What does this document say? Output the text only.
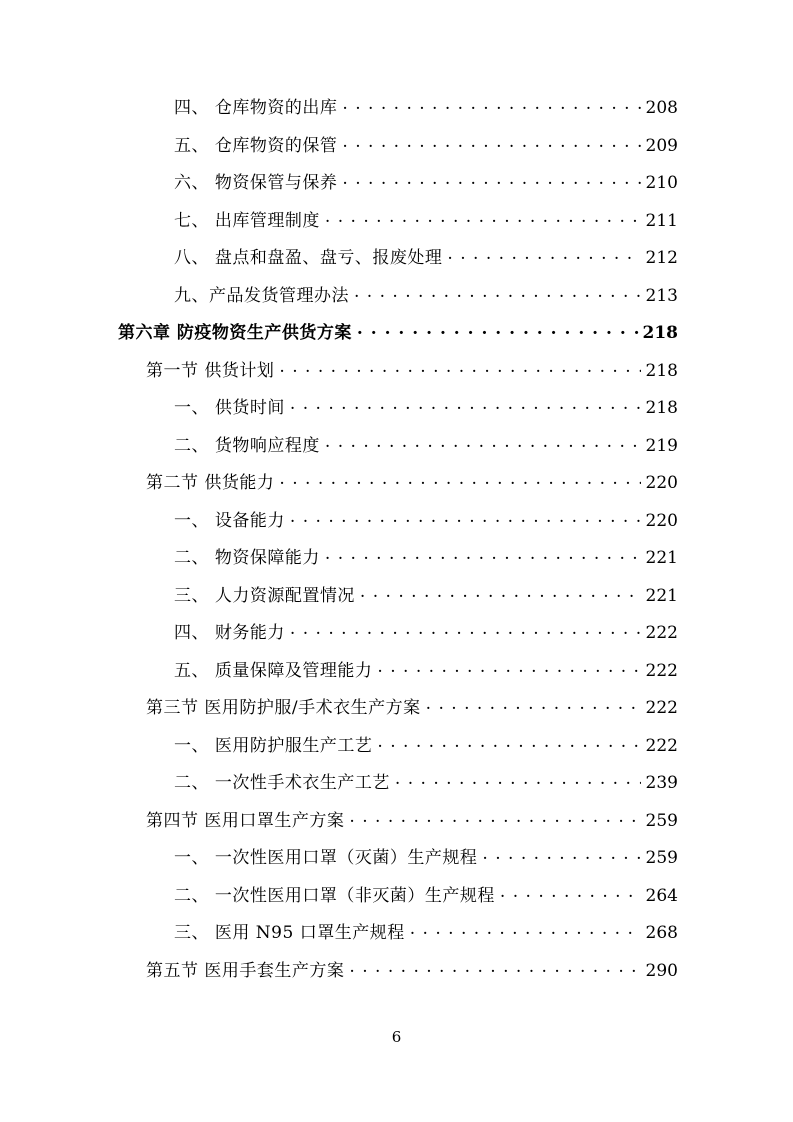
四、 仓库物资的出库 . . .	208
五、 仓库物资的保管 . . .	209
六、 物资保管与保养 . . .	210
七、 出库管理制度 . . .	211
八、 盘点和盘盈、盘亏、报废处理 . . .	212
九、产品发货管理办法 . . .	213
第六章 防疫物资生产供货方案 . . .	218
第一节 供货计划 . . .	218
一、 供货时间 . . .	218
二、 货物响应程度 . . .	219
第二节 供货能力 . . .	220
一、 设备能力 . . .	220
二、 物资保障能力 . . .	221
三、 人力资源配置情况 . . .	221
四、 财务能力 . . .	222
五、 质量保障及管理能力 . . .	222
第三节 医用防护服/手术衣生产方案 . . .	222
一、 医用防护服生产工艺 . . .	222
二、 一次性手术衣生产工艺 . . .	239
第四节 医用口罩生产方案 . . .	259
一、 一次性医用口罩（灭菌）生产规程 . . .	259
二、 一次性医用口罩（非灭菌）生产规程 . . .	264
三、 医用 N95 口罩生产规程 . . .	268
第五节 医用手套生产方案 . . .	290
6
